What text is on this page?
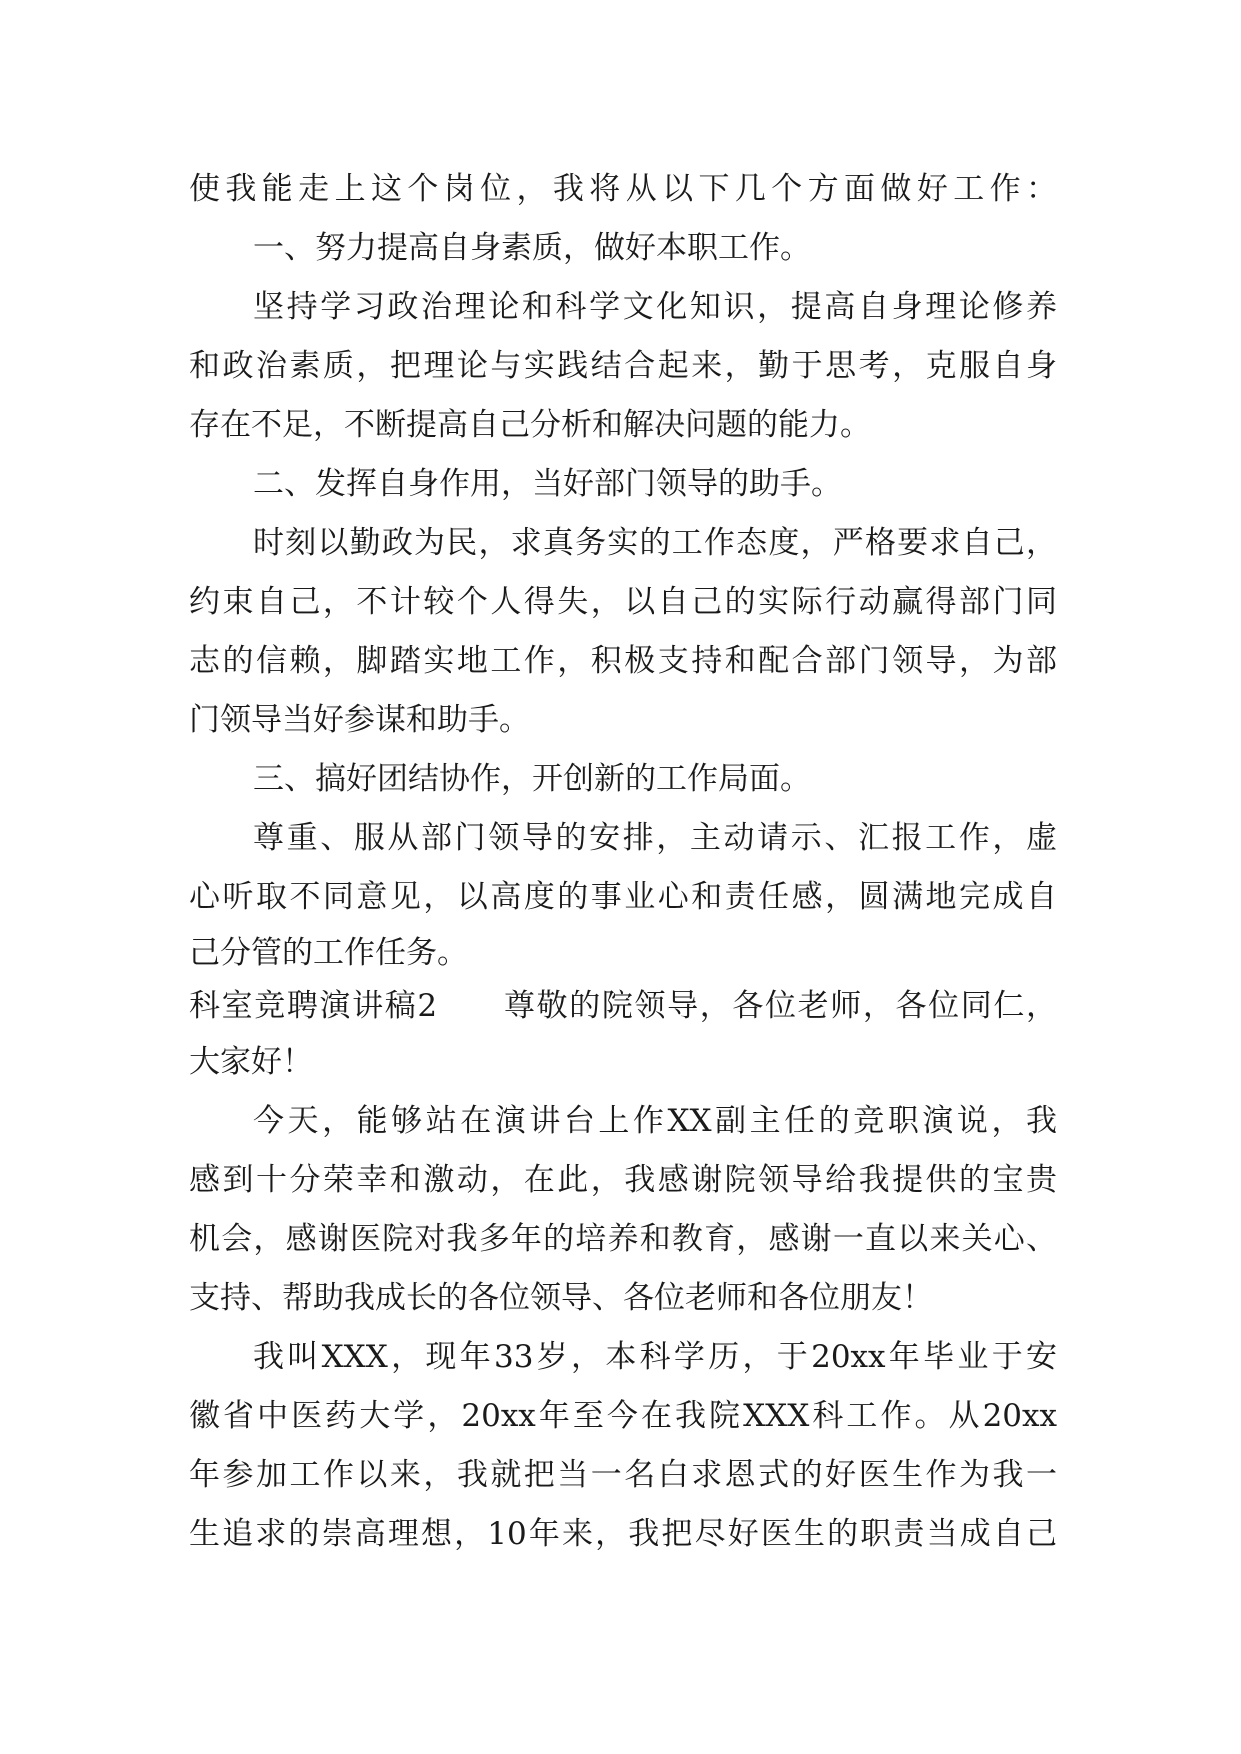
使我能走上这个岗位，我将从以下几个方面做好工作：
一、努力提高自身素质，做好本职工作。
坚持学习政治理论和科学文化知识，提高自身理论修养
和政治素质，把理论与实践结合起来，勤于思考，克服自身
存在不足，不断提高自己分析和解决问题的能力。
二、发挥自身作用，当好部门领导的助手。
时刻以勤政为民，求真务实的工作态度，严格要求自己，
约束自己，不计较个人得失，以自己的实际行动赢得部门同
志的信赖，脚踏实地工作，积极支持和配合部门领导，为部
门领导当好参谋和助手。
三、搞好团结协作，开创新的工作局面。
尊重、服从部门领导的安排，主动请示、汇报工作，虚
心听取不同意见，以高度的事业心和责任感，圆满地完成自
己分管的工作任务。
科室竞聘演讲稿2　　尊敬的院领导，各位老师，各位同仁，
大家好！
今天，能够站在演讲台上作XX副主任的竞职演说，我
感到十分荣幸和激动，在此，我感谢院领导给我提供的宝贵
机会，感谢医院对我多年的培养和教育，感谢一直以来关心、
支持、帮助我成长的各位领导、各位老师和各位朋友！
我叫XXX，现年33岁，本科学历，于20xx年毕业于安
徽省中医药大学，20xx年至今在我院XXX科工作。从20xx
年参加工作以来，我就把当一名白求恩式的好医生作为我一
生追求的崇高理想，10年来，我把尽好医生的职责当成自己
